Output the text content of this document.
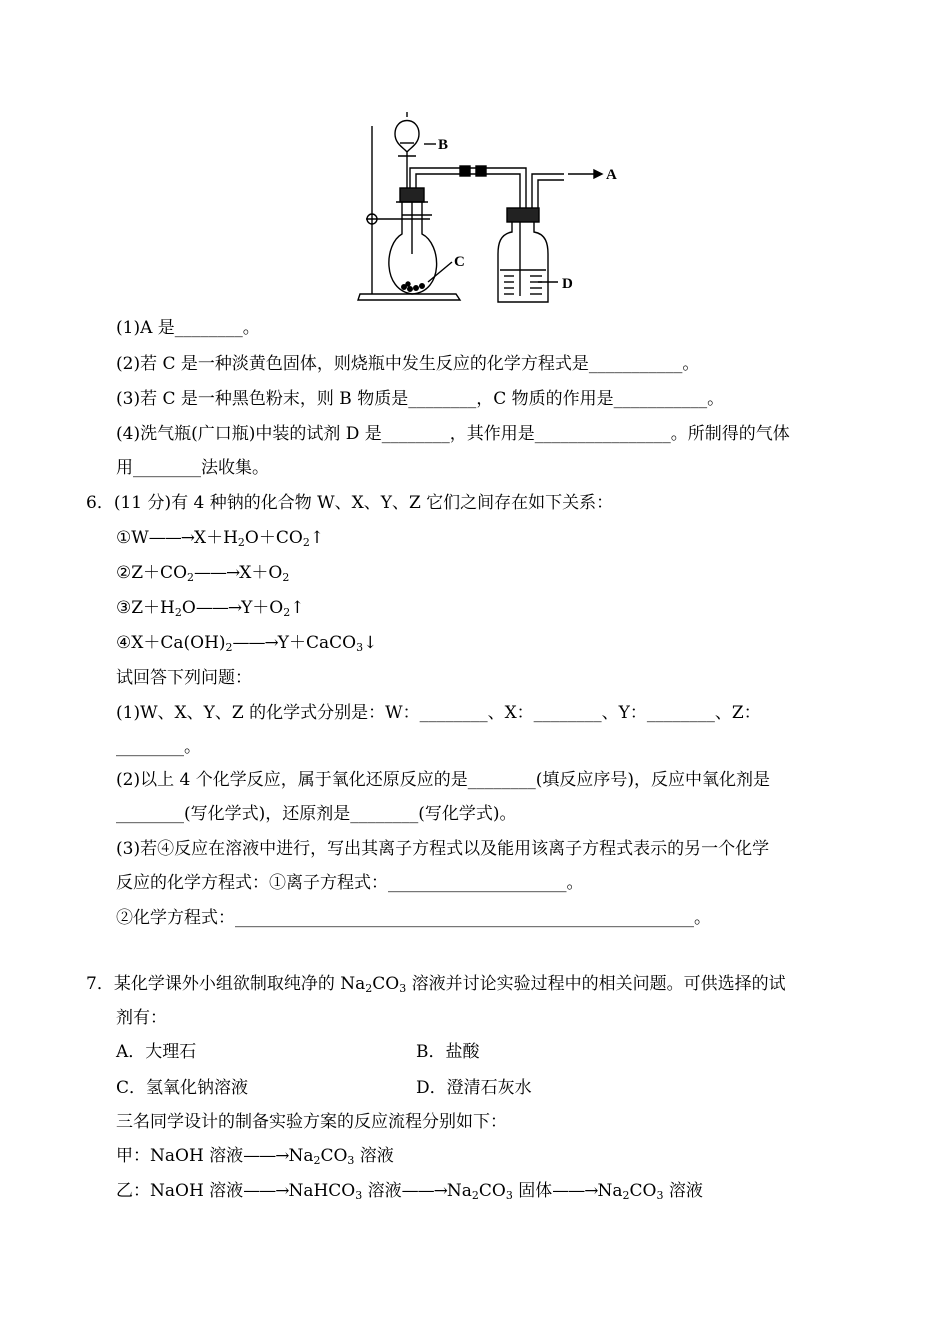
B
A
C
D
(1)A 是________。
(2)若 C 是一种淡黄色固体，则烧瓶中发生反应的化学方程式是___________。
(3)若 C 是一种黑色粉末，则 B 物质是________，C 物质的作用是___________。
(4)洗气瓶(广口瓶)中装的试剂 D 是________，其作用是________________。所制得的气体
用________法收集。
6．(11 分)有 4 种钠的化合物 W、X、Y、Z 它们之间存在如下关系：
$①W——\to X+H_2O+CO_2↑$
$②Z+CO_2——\to X+O_2$
$③Z+H_2O——\to Y+O_2↑$
$④X+Ca(OH)_2——\to Y+CaCO_3↓$
试回答下列问题：
(1)W、X、Y、Z 的化学式分别是：W：________、X：________、Y：________、Z：
________。
(2)以上 4 个化学反应，属于氧化还原反应的是________(填反应序号)，反应中氧化剂是
________(写化学式)，还原剂是________(写化学式)。
(3)若④反应在溶液中进行，写出其离子方程式以及能用该离子方程式表示的另一个化学
反应的化学方程式：①离子方程式：_____________________。
②化学方程式：______________________________________________________。
7．某化学课外小组欲制取纯净的 $Na_2CO_3$ 溶液并讨论实验过程中的相关问题。可供选择的试
剂有：
A．大理石	B．盐酸
C．氢氧化钠溶液	D．澄清石灰水
三名同学设计的制备实验方案的反应流程分别如下：
甲：NaOH 溶液$——\to Na_2CO_3$ 溶液
乙：NaOH 溶液——→NaHCO$_3$ 溶液$——\to Na_2CO_3$ 固体$——\to Na_2CO_3$ 溶液
